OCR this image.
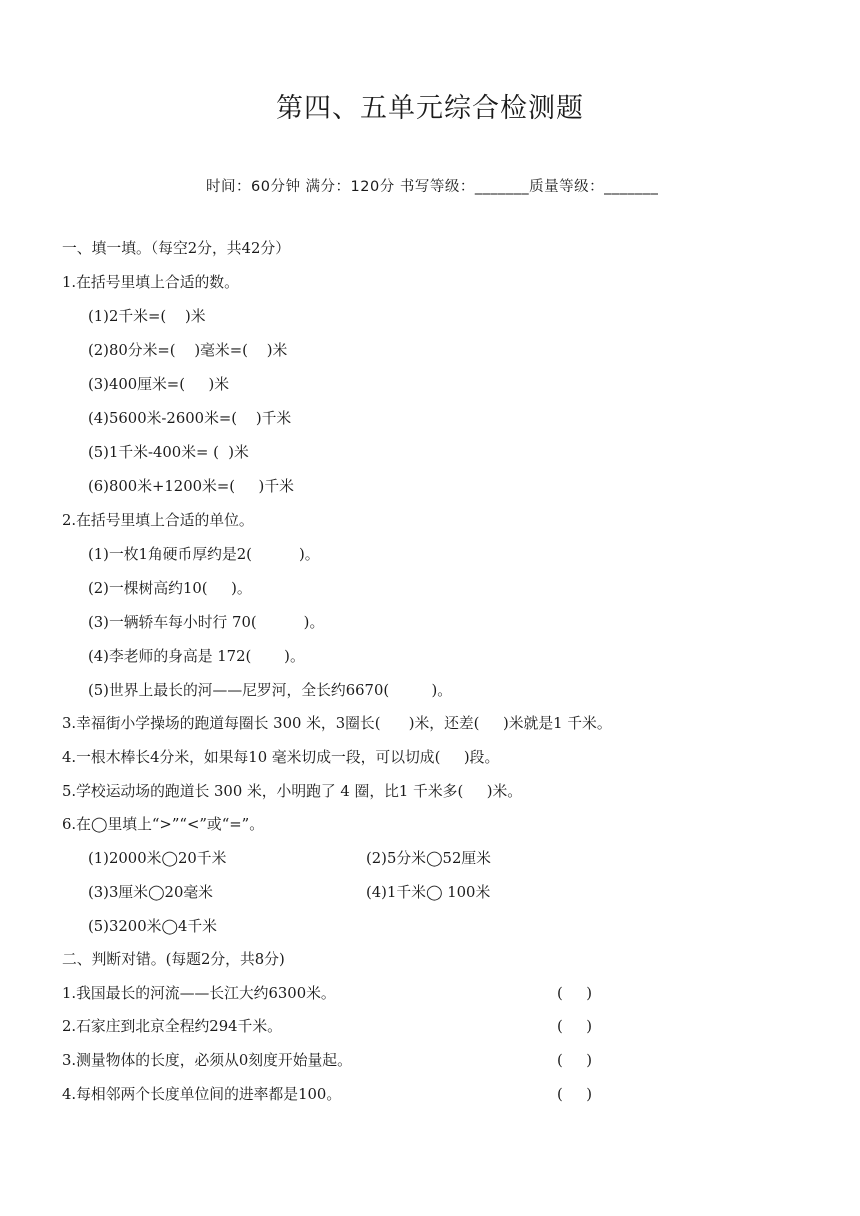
第四、五单元综合检测题
时间：60分钟 满分：120分 书写等级：_______质量等级：_______
一、填一填。（每空2分，共42分）
1.在括号里填上合适的数。
(1)2千米=(    )米
(2)80分米=(    )毫米=(    )米
(3)400厘米=(     )米
(4)5600米-2600米=(    )千米
(5)1千米-400米= (  )米
(6)800米+1200米=(     )千米
2.在括号里填上合适的单位。
(1)一枚1角硬币厚约是2(          )。
(2)一棵树高约10(     )。
(3)一辆轿车每小时行 70(          )。
(4)李老师的身高是 172(       )。
(5)世界上最长的河——尼罗河，全长约6670(         )。
3.幸福街小学操场的跑道每圈长 300 米，3圈长(      )米，还差(     )米就是1 千米。
4.一根木棒长4分米，如果每10 毫米切成一段，可以切成(     )段。
5.学校运动场的跑道长 300 米，小明跑了 4 圈，比1 千米多(     )米。
6.在◯里填上“>”“<”或“=”。
(1)2000米◯20千米	(2)5分米◯52厘米
(3)3厘米◯20毫米	(4)1千米◯ 100米
(5)3200米◯4千米
二、判断对错。(每题2分，共8分)
1.我国最长的河流——长江大约6300米。	(     )
2.石家庄到北京全程约294千米。	(     )
3.测量物体的长度，必须从0刻度开始量起。	(     )
4.每相邻两个长度单位间的进率都是100。	(     )
